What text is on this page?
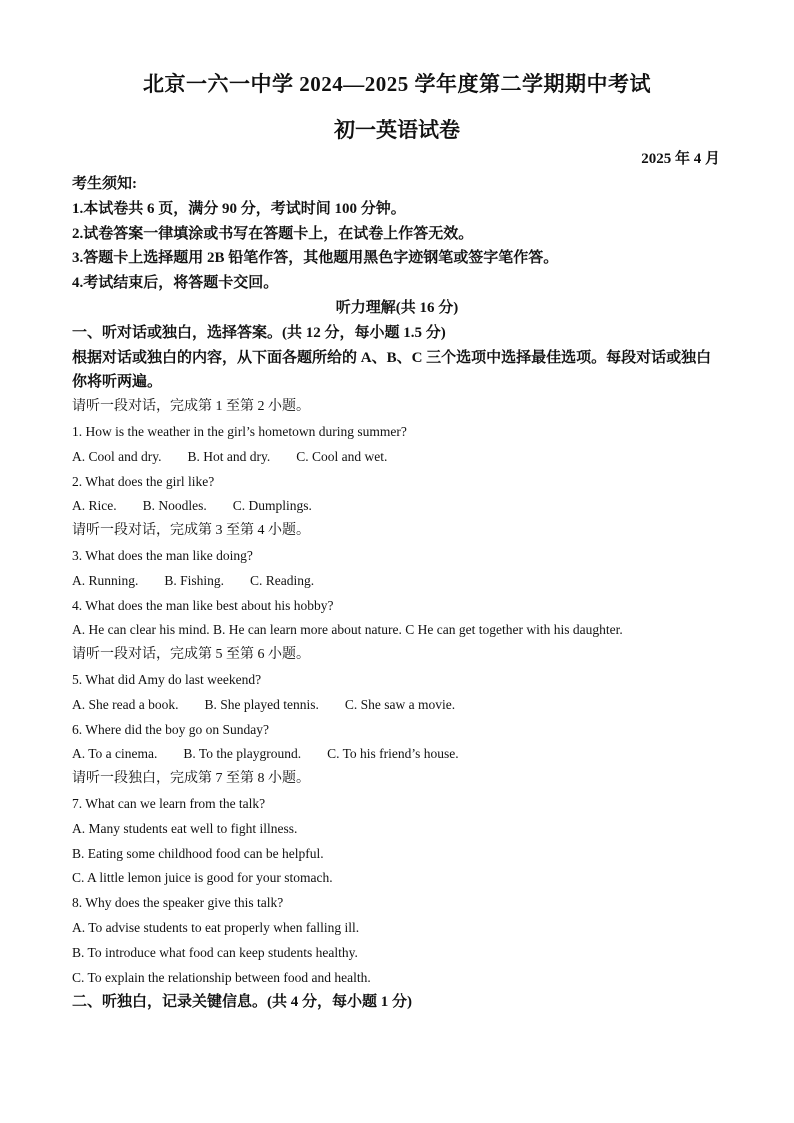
北京一六一中学 2024—2025 学年度第二学期期中考试
初一英语试卷
2025 年 4 月
考生须知:
1.本试卷共 6 页，满分 90 分，考试时间 100 分钟。
2.试卷答案一律填涂或书写在答题卡上，在试卷上作答无效。
3.答题卡上选择题用 2B 铅笔作答，其他题用黑色字迹钢笔或签字笔作答。
4.考试结束后，将答题卡交回。
听力理解(共 16 分)
一、听对话或独白，选择答案。(共 12 分，每小题 1.5 分)
根据对话或独白的内容，从下面各题所给的 A、B、C 三个选项中选择最佳选项。每段对话或独白你将听两遍。
请听一段对话，完成第 1 至第 2 小题。
1. How is the weather in the girl’s hometown during summer?
A. Cool and dry. B. Hot and dry. C. Cool and wet.
2. What does the girl like?
A. Rice. B. Noodles. C. Dumplings.
请听一段对话，完成第 3 至第 4 小题。
3. What does the man like doing?
A. Running. B. Fishing. C. Reading.
4. What does the man like best about his hobby?
A. He can clear his mind. B. He can learn more about nature. C He can get together with his daughter.
请听一段对话，完成第 5 至第 6 小题。
5. What did Amy do last weekend?
A. She read a book. B. She played tennis. C. She saw a movie.
6. Where did the boy go on Sunday?
A. To a cinema. B. To the playground. C. To his friend’s house.
请听一段独白，完成第 7 至第 8 小题。
7. What can we learn from the talk?
A. Many students eat well to fight illness.
B. Eating some childhood food can be helpful.
C. A little lemon juice is good for your stomach.
8. Why does the speaker give this talk?
A. To advise students to eat properly when falling ill.
B. To introduce what food can keep students healthy.
C. To explain the relationship between food and health.
二、听独白，记录关键信息。(共 4 分，每小题 1 分)
